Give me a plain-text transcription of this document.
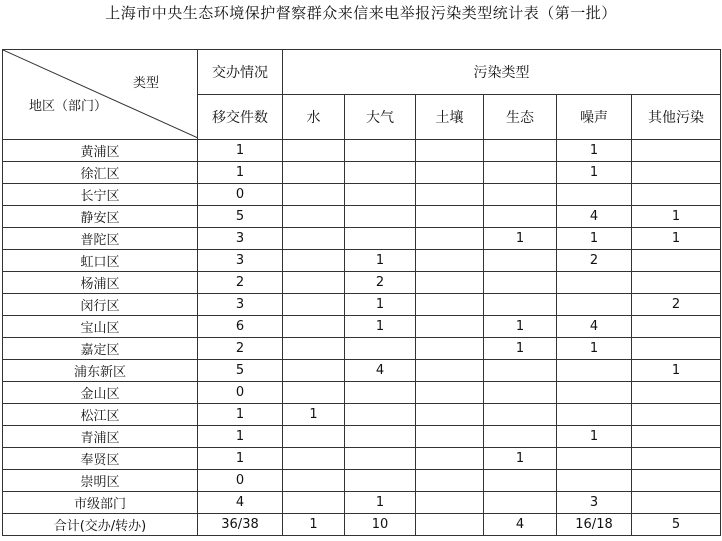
上海市中央生态环境保护督察群众来信来电举报污染类型统计表（第一批）
类型
地区（部门）	交办情况	污染类型					
	移交件数	水	大气	土壤	生态	噪声	其他污染
黄浦区	1					1	
徐汇区	1					1	
长宁区	0						
静安区	5					4	1
普陀区	3				1	1	1
虹口区	3		1			2	
杨浦区	2		2				
闵行区	3		1				2
宝山区	6		1		1	4	
嘉定区	2				1	1	
浦东新区	5		4				1
金山区	0						
松江区	1	1					
青浦区	1					1	
奉贤区	1				1		
崇明区	0						
市级部门	4		1			3	
合计(交办/转办)	36/38	1	10		4	16/18	5
